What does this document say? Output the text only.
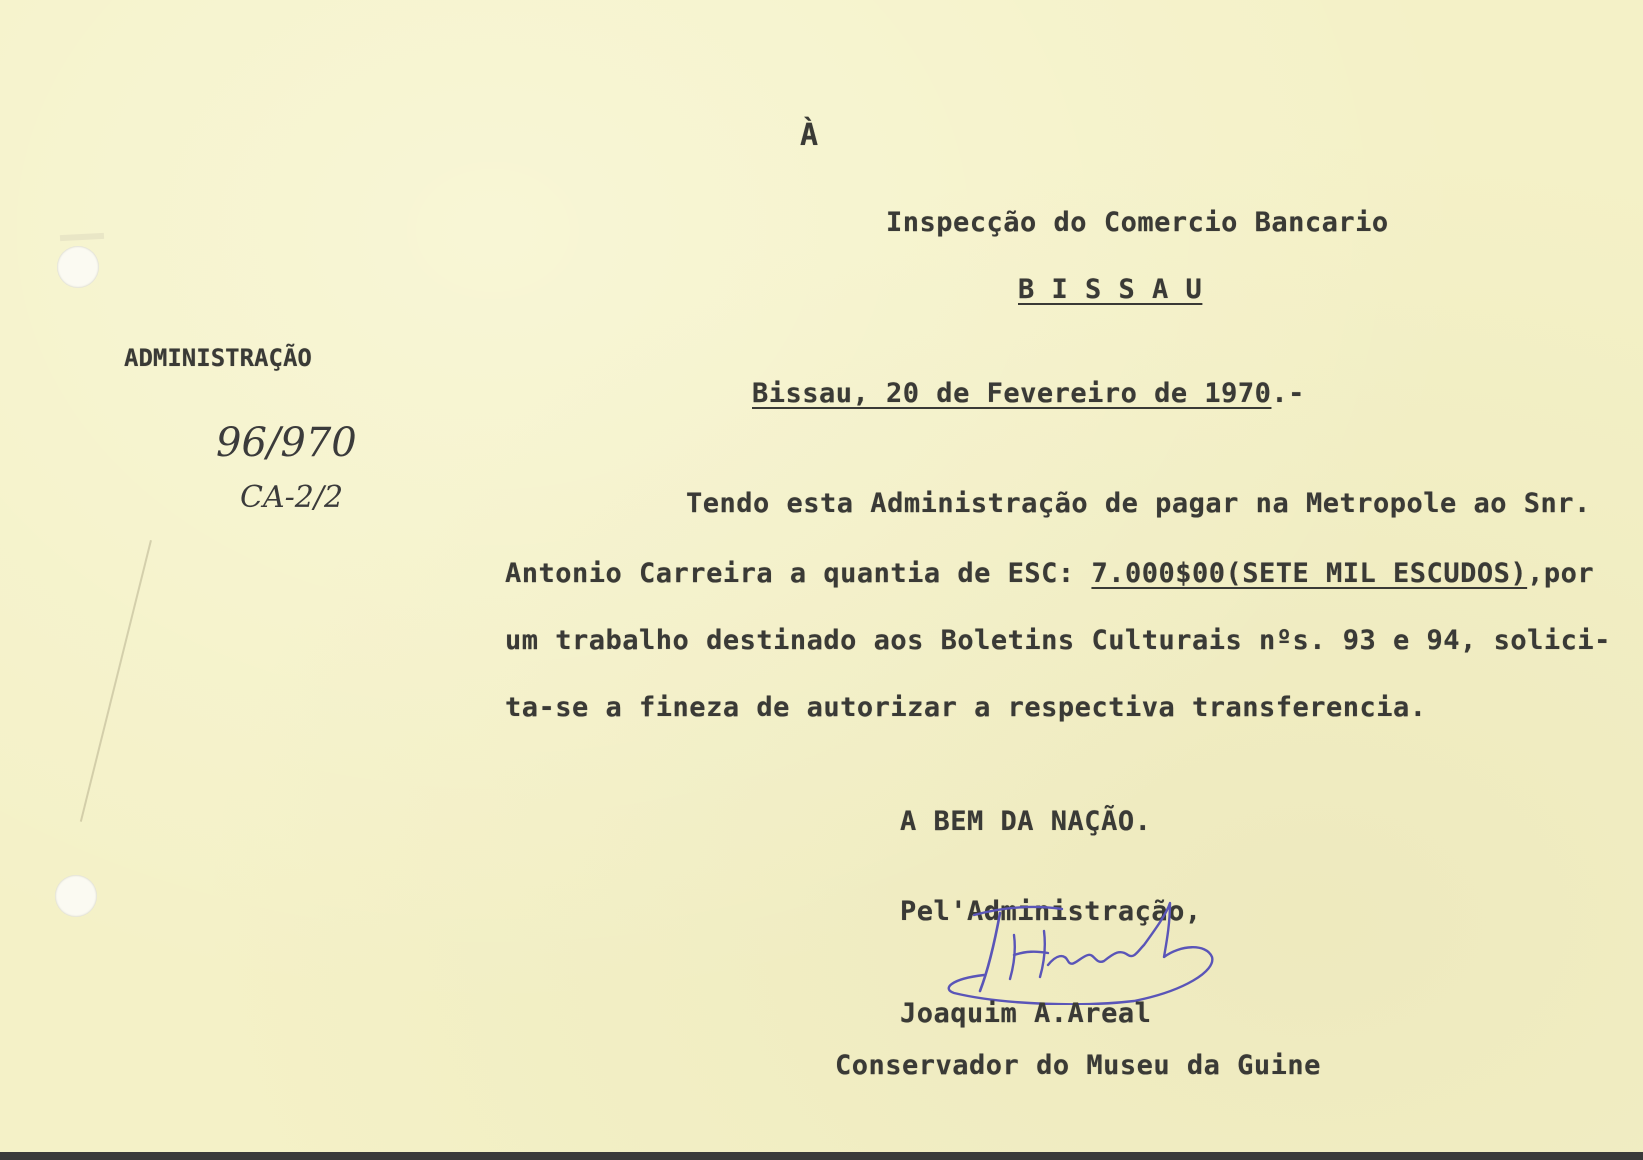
À
Inspecção do Comercio Bancario
B I S S A U
ADMINISTRAÇÃO
96/970
CA-2/2
Bissau, 20 de Fevereiro de 1970.-
Tendo esta Administração de pagar na Metropole ao Snr.
Antonio Carreira a quantia de ESC: 7.000$00(SETE MIL ESCUDOS),por
um trabalho destinado aos Boletins Culturais nºs. 93 e 94, solici-
ta-se a fineza de autorizar a respectiva transferencia.
A BEM DA NAÇÃO.
Pel'Administração,
Joaquim A.Areal
Conservador do Museu da Guine
